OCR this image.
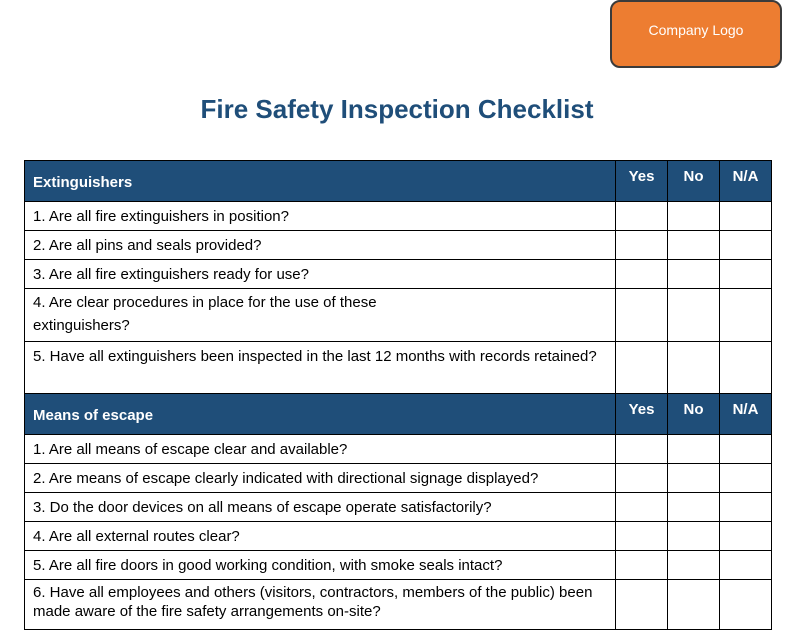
Company Logo
Fire Safety Inspection Checklist
Extinguishers	Yes	No	N/A
1. Are all fire extinguishers in position?			
2. Are all pins and seals provided?			
3. Are all fire extinguishers ready for use?			
4. Are clear procedures in place for the use of these
extinguishers?			

5. Have all extinguishers been inspected in the last 12 months with records retained?			
Means of escape	Yes	No	N/A
1. Are all means of escape clear and available?			
2. Are means of escape clearly indicated with directional signage displayed?			
3. Do the door devices on all means of escape operate satisfactorily?			
4. Are all external routes clear?			
5. Are all fire doors in good working condition, with smoke seals intact?			
6. Have all employees and others (visitors, contractors, members of the public) been made aware of the fire safety arrangements on-site?			
